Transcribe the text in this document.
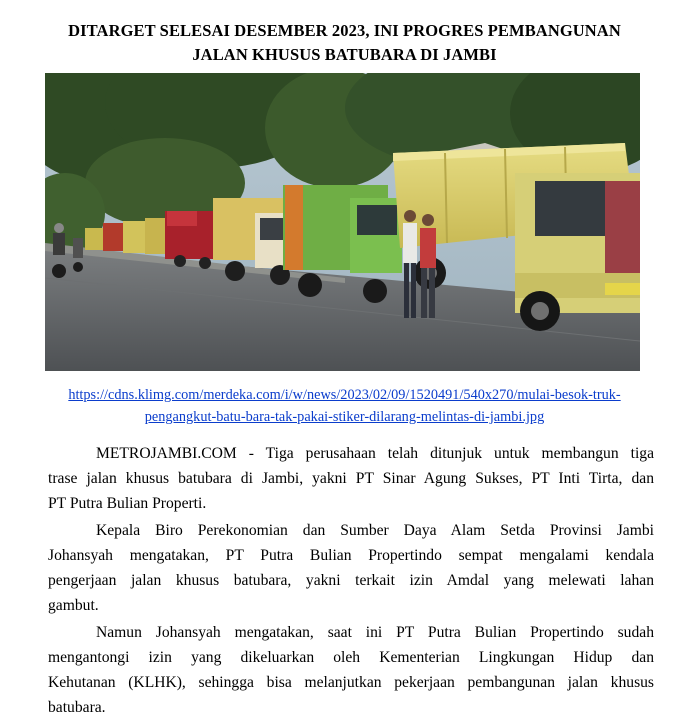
DITARGET SELESAI DESEMBER 2023, INI PROGRES PEMBANGUNAN
JALAN KHUSUS BATUBARA DI JAMBI
https://cdns.klimg.com/merdeka.com/i/w/news/2023/02/09/1520491/540x270/mulai-besok-truk-
pengangkut-batu-bara-tak-pakai-stiker-dilarang-melintas-di-jambi.jpg

METROJAMBI.COM - Tiga perusahaan telah ditunjuk untuk membangun tiga
trase jalan khusus batubara di Jambi, yakni PT Sinar Agung Sukses, PT Inti Tirta, dan
PT Putra Bulian Properti.

Kepala Biro Perekonomian dan Sumber Daya Alam Setda Provinsi Jambi
Johansyah mengatakan, PT Putra Bulian Propertindo sempat mengalami kendala
pengerjaan jalan khusus batubara, yakni terkait izin Amdal yang melewati lahan
gambut.

Namun Johansyah mengatakan, saat ini PT Putra Bulian Propertindo sudah
mengantongi izin yang dikeluarkan oleh Kementerian Lingkungan Hidup dan
Kehutanan (KLHK), sehingga bisa melanjutkan pekerjaan pembangunan jalan khusus
batubara.
